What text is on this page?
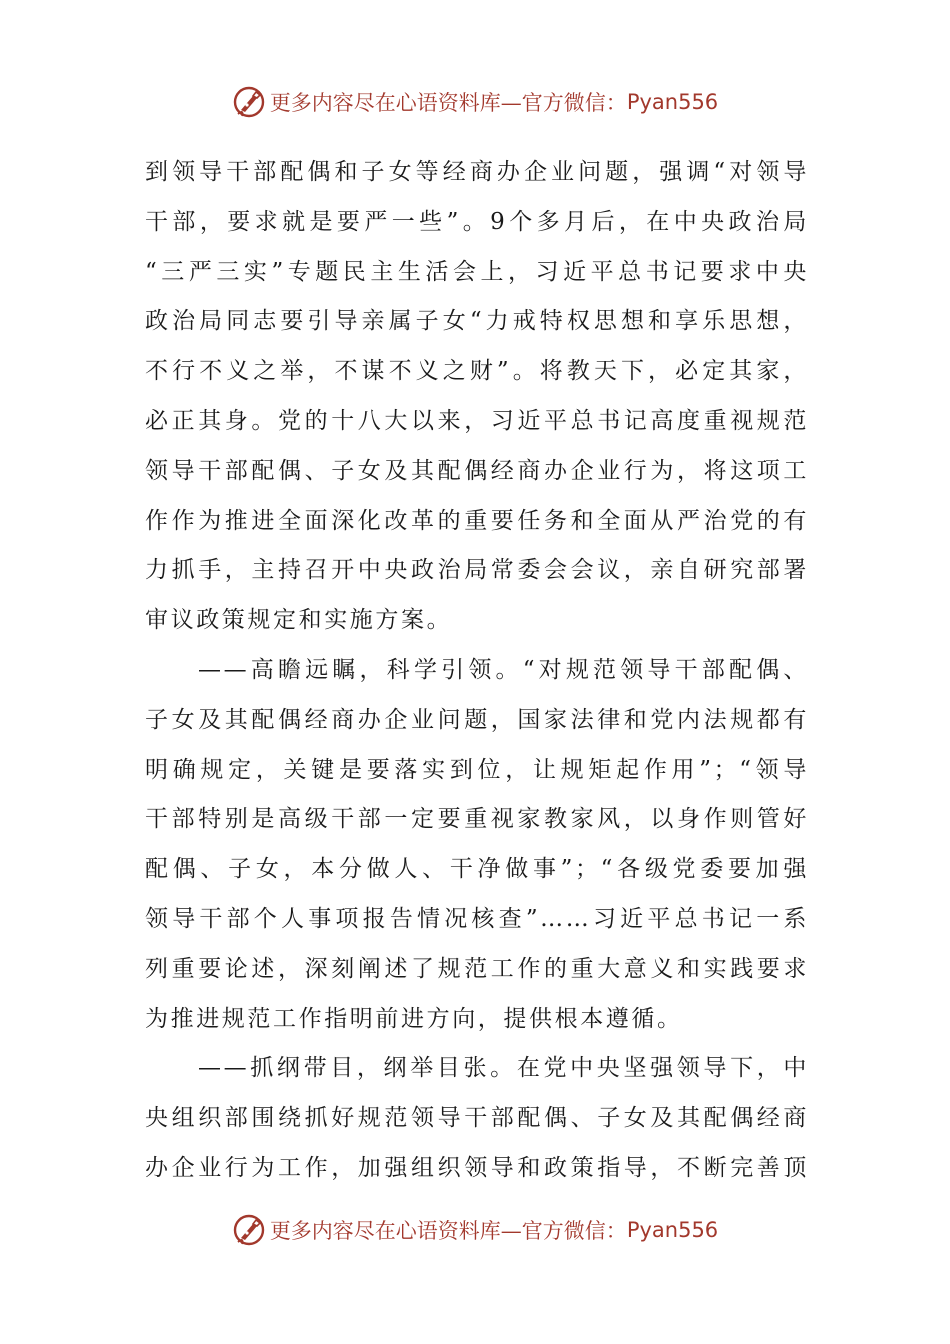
更多内容尽在心语资料库—官方微信： Pyan556
到领导干部配偶和子女等经商办企业问题，强调“对领导
干部，要求就是要严一些”。9个多月后，在中央政治局
“三严三实”专题民主生活会上，习近平总书记要求中央
政治局同志要引导亲属子女“力戒特权思想和享乐思想，
不行不义之举，不谋不义之财”。将教天下，必定其家，
必正其身。党的十八大以来，习近平总书记高度重视规范
领导干部配偶、子女及其配偶经商办企业行为，将这项工
作作为推进全面深化改革的重要任务和全面从严治党的有
力抓手，主持召开中央政治局常委会会议，亲自研究部署
审议政策规定和实施方案。
——高瞻远瞩，科学引领。“对规范领导干部配偶、
子女及其配偶经商办企业问题，国家法律和党内法规都有
明确规定，关键是要落实到位，让规矩起作用”；“领导
干部特别是高级干部一定要重视家教家风，以身作则管好
配偶、子女，本分做人、干净做事”；“各级党委要加强
领导干部个人事项报告情况核查”……习近平总书记一系
列重要论述，深刻阐述了规范工作的重大意义和实践要求
为推进规范工作指明前进方向，提供根本遵循。
——抓纲带目，纲举目张。在党中央坚强领导下，中
央组织部围绕抓好规范领导干部配偶、子女及其配偶经商
办企业行为工作，加强组织领导和政策指导，不断完善顶
更多内容尽在心语资料库—官方微信： Pyan556
